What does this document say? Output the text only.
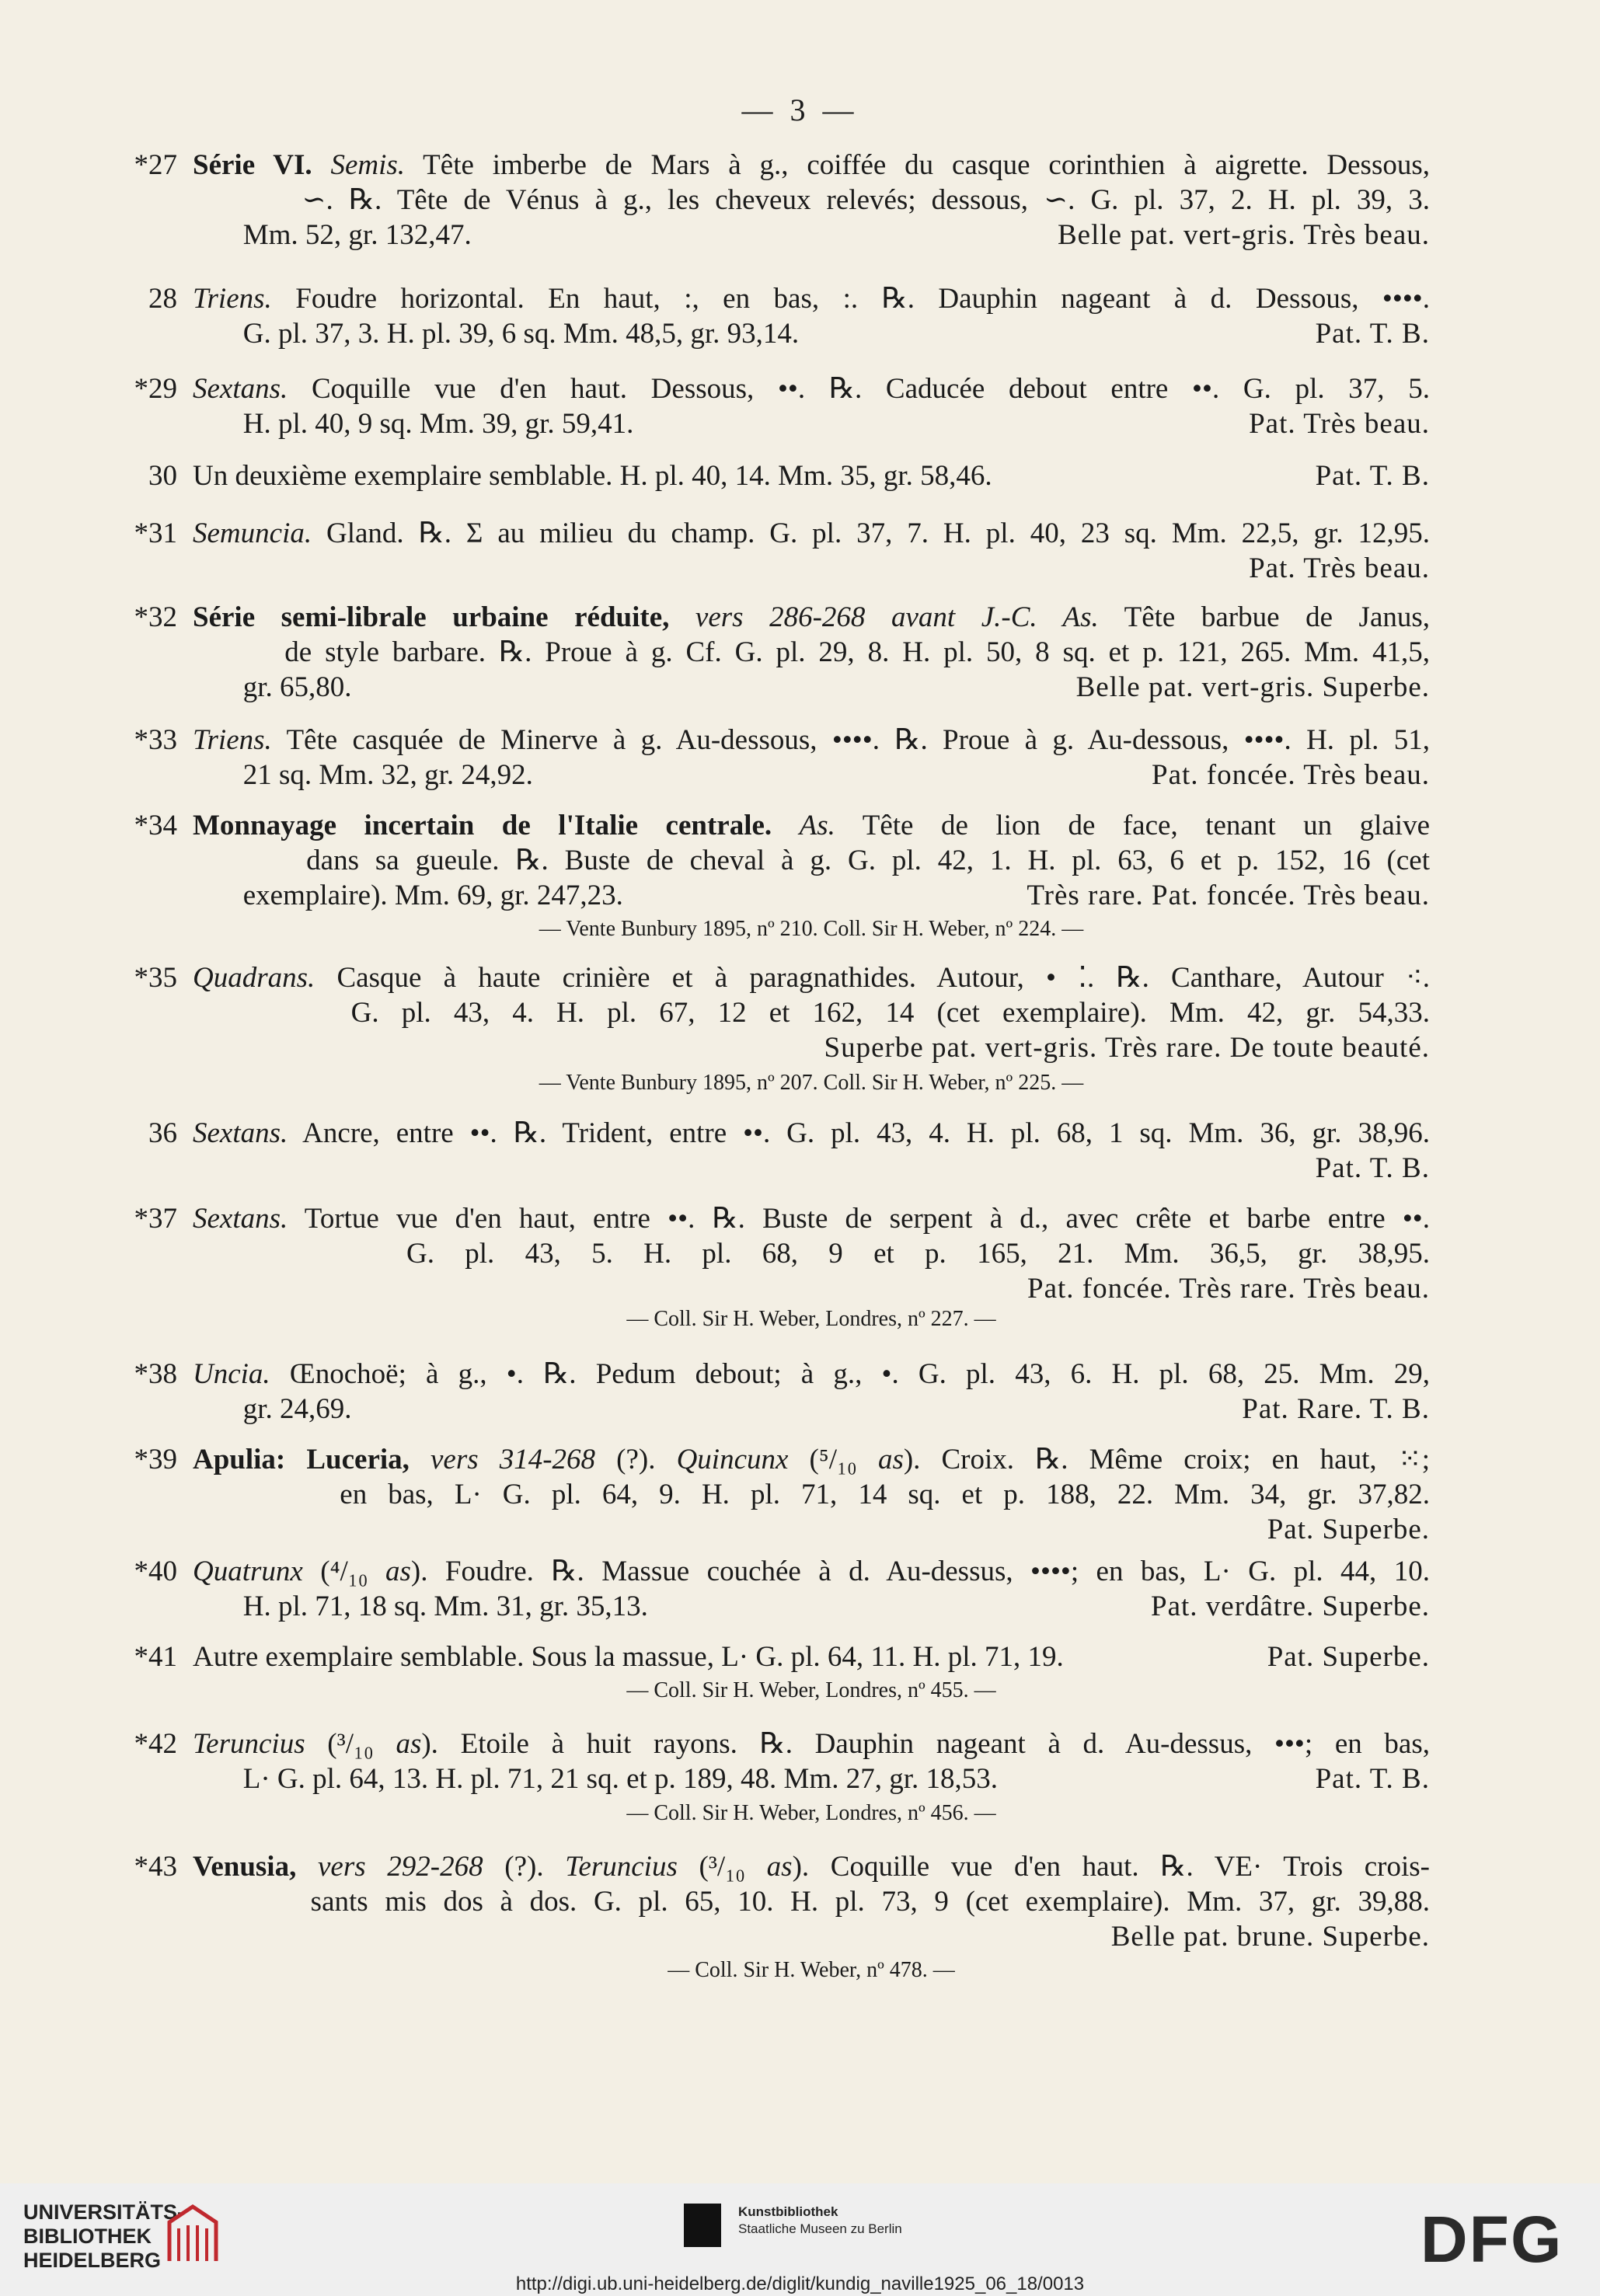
— 3 —
*27 Série VI. Semis. Tête imberbe de Mars à g., coiffée du casque corinthien à aigrette. Dessous,
∽. ℞. Tête de Vénus à g., les cheveux relevés; dessous, ∽. G. pl. 37, 2. H. pl. 39, 3.
Mm. 52, gr. 132,47.	Belle pat. vert-gris. Très beau.
28 Triens. Foudre horizontal. En haut, :, en bas, :. ℞. Dauphin nageant à d. Dessous, ••••.
G. pl. 37, 3. H. pl. 39, 6 sq. Mm. 48,5, gr. 93,14.	Pat. T. B.
*29 Sextans. Coquille vue d'en haut. Dessous, ••. ℞. Caducée debout entre ••. G. pl. 37, 5.
H. pl. 40, 9 sq. Mm. 39, gr. 59,41.	Pat. Très beau.
30 Un deuxième exemplaire semblable. H. pl. 40, 14. Mm. 35, gr. 58,46.	Pat. T. B.
*31 Semuncia. Gland. ℞. Σ au milieu du champ. G. pl. 37, 7. H. pl. 40, 23 sq. Mm. 22,5, gr. 12,95.
Pat. Très beau.
*32 Série semi-librale urbaine réduite, vers 286-268 avant J.-C. As. Tête barbue de Janus,
de style barbare. ℞. Proue à g. Cf. G. pl. 29, 8. H. pl. 50, 8 sq. et p. 121, 265. Mm. 41,5,
gr. 65,80.	Belle pat. vert-gris. Superbe.
*33 Triens. Tête casquée de Minerve à g. Au-dessous, ••••. ℞. Proue à g. Au-dessous, ••••. H. pl. 51,
21 sq. Mm. 32, gr. 24,92.	Pat. foncée. Très beau.
*34 Monnayage incertain de l'Italie centrale. As. Tête de lion de face, tenant un glaive
dans sa gueule. ℞. Buste de cheval à g. G. pl. 42, 1. H. pl. 63, 6 et p. 152, 16 (cet
exemplaire). Mm. 69, gr. 247,23.	Très rare. Pat. foncée. Très beau.
— Vente Bunbury 1895, nº 210. Coll. Sir H. Weber, nº 224. —
*35 Quadrans. Casque à haute crinière et à paragnathides. Autour, • ⁚. ℞. Canthare, Autour ⁖.
G. pl. 43, 4. H. pl. 67, 12 et 162, 14 (cet exemplaire). Mm. 42, gr. 54,33.
Superbe pat. vert-gris. Très rare. De toute beauté.
— Vente Bunbury 1895, nº 207. Coll. Sir H. Weber, nº 225. —
36 Sextans. Ancre, entre ••. ℞. Trident, entre ••. G. pl. 43, 4. H. pl. 68, 1 sq. Mm. 36, gr. 38,96.
Pat. T. B.
*37 Sextans. Tortue vue d'en haut, entre ••. ℞. Buste de serpent à d., avec crête et barbe entre ••.
G. pl. 43, 5. H. pl. 68, 9 et p. 165, 21. Mm. 36,5, gr. 38,95.
Pat. foncée. Très rare. Très beau.
— Coll. Sir H. Weber, Londres, nº 227. —
*38 Uncia. Œnochoë; à g., •. ℞. Pedum debout; à g., •. G. pl. 43, 6. H. pl. 68, 25. Mm. 29,
gr. 24,69.	Pat. Rare. T. B.
*39 Apulia: Luceria, vers 314-268 (?). Quincunx (⁵/₁₀ as). Croix. ℞. Même croix; en haut, ⁙;
en bas, L· G. pl. 64, 9. H. pl. 71, 14 sq. et p. 188, 22. Mm. 34, gr. 37,82.
Pat. Superbe.
*40 Quatrunx (⁴/₁₀ as). Foudre. ℞. Massue couchée à d. Au-dessus, ••••; en bas, L· G. pl. 44, 10.
H. pl. 71, 18 sq. Mm. 31, gr. 35,13.	Pat. verdâtre. Superbe.
*41 Autre exemplaire semblable. Sous la massue, L· G. pl. 64, 11. H. pl. 71, 19.	Pat. Superbe.
— Coll. Sir H. Weber, Londres, nº 455. —
*42 Teruncius (³/₁₀ as). Etoile à huit rayons. ℞. Dauphin nageant à d. Au-dessus, •••; en bas,
L· G. pl. 64, 13. H. pl. 71, 21 sq. et p. 189, 48. Mm. 27, gr. 18,53.	Pat. T. B.
— Coll. Sir H. Weber, Londres, nº 456. —
*43 Venusia, vers 292-268 (?). Teruncius (³/₁₀ as). Coquille vue d'en haut. ℞. VE· Trois crois-
sants mis dos à dos. G. pl. 65, 10. H. pl. 73, 9 (cet exemplaire). Mm. 37, gr. 39,88.
Belle pat. brune. Superbe.
— Coll. Sir H. Weber, nº 478. —
UNIVERSITÄTS-
BIBLIOTHEK
HEIDELBERG
Kunstbibliothek
Staatliche Museen zu Berlin	DFG
http://digi.ub.uni-heidelberg.de/diglit/kundig_naville1925_06_18/0013
